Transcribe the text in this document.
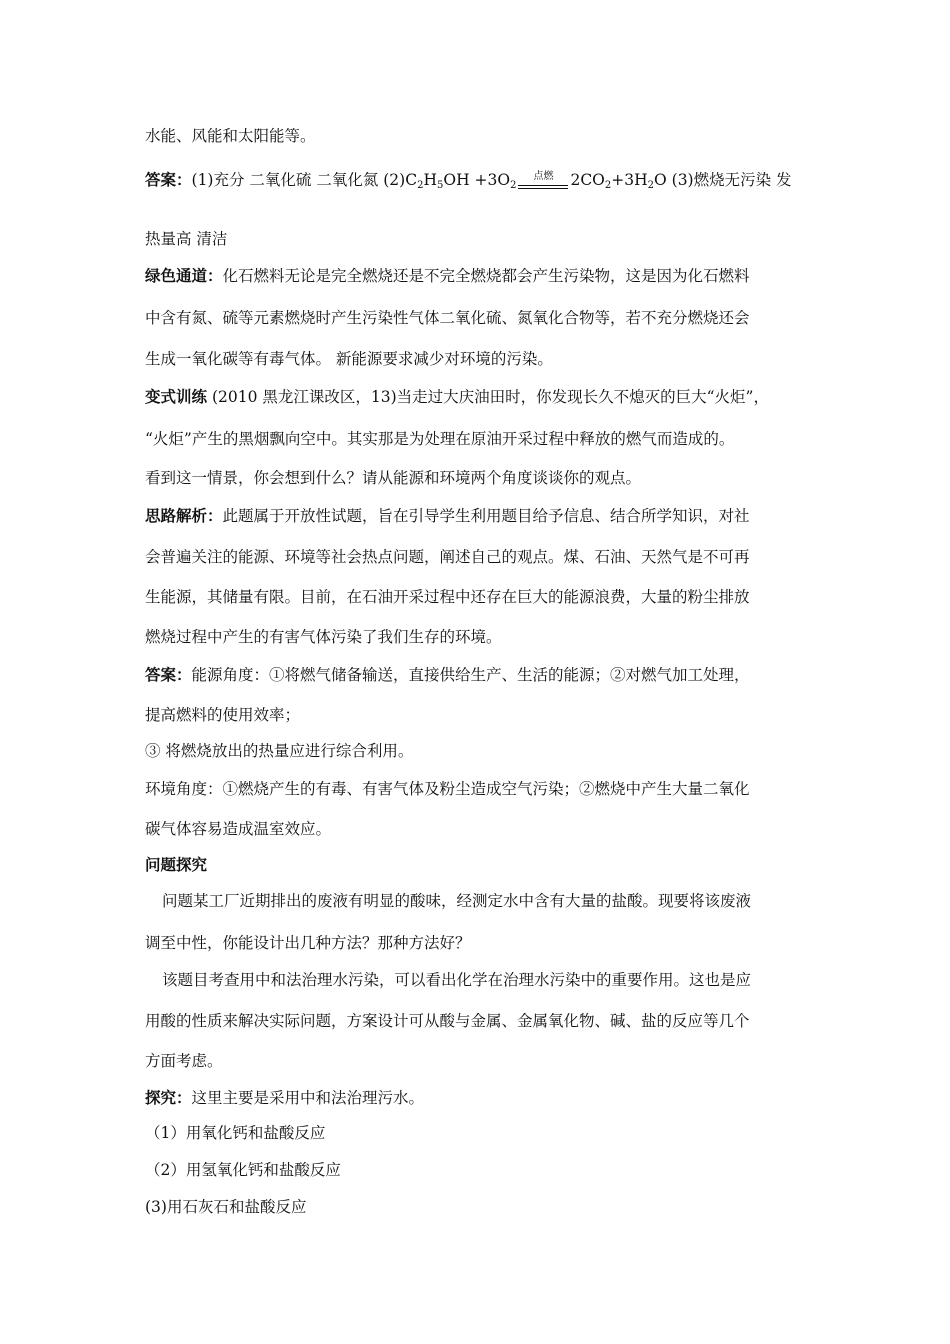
水能、风能和太阳能等。
答案：(1)充分 二氧化硫 二氧化氮 $(2)C_2H_5OH +3O_2$
点燃	$2CO_2+3H_2O$ (3)燃烧无污染 发
热量高 清洁
绿色通道：化石燃料无论是完全燃烧还是不完全燃烧都会产生污染物，这是因为化石燃料
中含有氮、硫等元素燃烧时产生污染性气体二氧化硫、氮氧化合物等，若不充分燃烧还会
生成一氧化碳等有毒气体。 新能源要求减少对环境的污染。
变式训练 (2010 黑龙江课改区，13)当走过大庆油田时，你发现长久不熄灭的巨大“火炬”，
“火炬”产生的黑烟飘向空中。其实那是为处理在原油开采过程中释放的燃气而造成的。
看到这一情景，你会想到什么？请从能源和环境两个角度谈谈你的观点。
思路解析：此题属于开放性试题，旨在引导学生利用题目给予信息、结合所学知识，对社
会普遍关注的能源、环境等社会热点问题，阐述自己的观点。煤、石油、天然气是不可再
生能源，其储量有限。目前，在石油开采过程中还存在巨大的能源浪费，大量的粉尘排放
燃烧过程中产生的有害气体污染了我们生存的环境。
答案：能源角度：①将燃气储备输送，直接供给生产、生活的能源；②对燃气加工处理，
提高燃料的使用效率；
③ 将燃烧放出的热量应进行综合利用。
环境角度：①燃烧产生的有毒、有害气体及粉尘造成空气污染；②燃烧中产生大量二氧化
碳气体容易造成温室效应。
问题探究
问题某工厂近期排出的废液有明显的酸味，经测定水中含有大量的盐酸。现要将该废液
调至中性，你能设计出几种方法？那种方法好？
该题目考查用中和法治理水污染，可以看出化学在治理水污染中的重要作用。这也是应
用酸的性质来解决实际问题，方案设计可从酸与金属、金属氧化物、碱、盐的反应等几个
方面考虑。
探究：这里主要是采用中和法治理污水。
（1）用氧化钙和盐酸反应
（2）用氢氧化钙和盐酸反应
(3)用石灰石和盐酸反应
